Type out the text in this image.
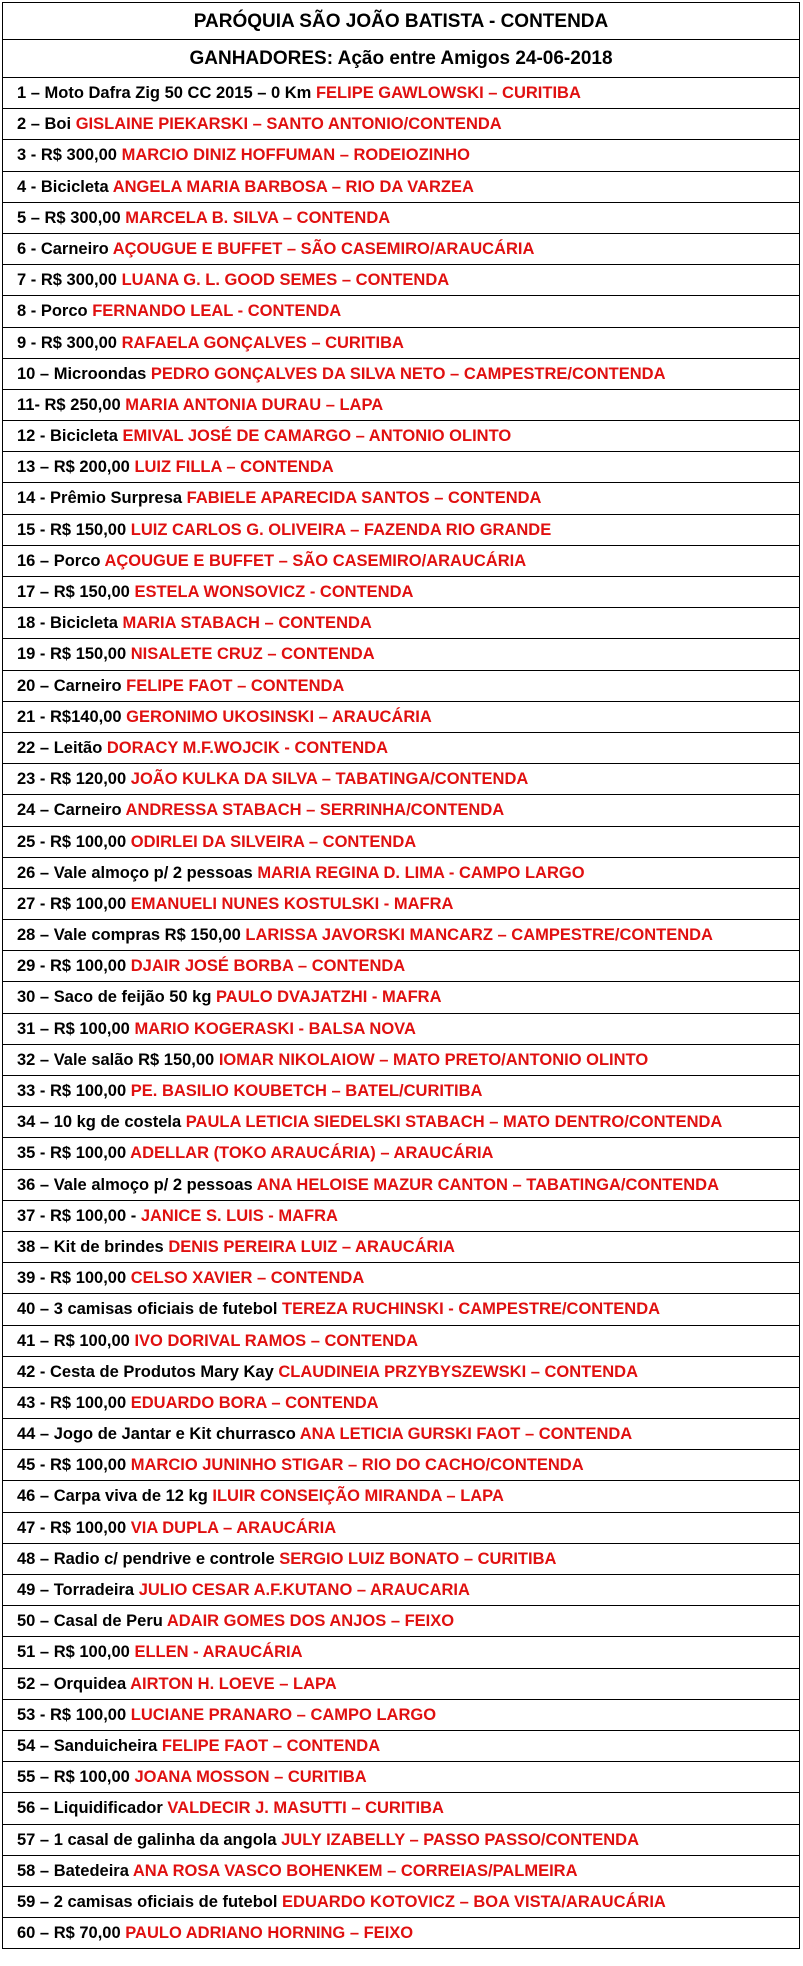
PARÓQUIA SÃO JOÃO BATISTA - CONTENDA
GANHADORES: Ação entre Amigos 24-06-2018
1 – Moto Dafra Zig 50 CC 2015 – 0 Km FELIPE GAWLOWSKI – CURITIBA
2 – Boi GISLAINE PIEKARSKI – SANTO ANTONIO/CONTENDA
3 - R$ 300,00 MARCIO DINIZ HOFFUMAN – RODEIOZINHO
4 - Bicicleta ANGELA MARIA BARBOSA – RIO DA VARZEA
5 – R$ 300,00 MARCELA B. SILVA – CONTENDA
6 - Carneiro AÇOUGUE E BUFFET – SÃO CASEMIRO/ARAUCÁRIA
7 - R$ 300,00 LUANA G. L. GOOD SEMES – CONTENDA
8 - Porco FERNANDO LEAL - CONTENDA
9 - R$ 300,00 RAFAELA GONÇALVES – CURITIBA
10 – Microondas PEDRO GONÇALVES DA SILVA NETO – CAMPESTRE/CONTENDA
11- R$ 250,00 MARIA ANTONIA DURAU – LAPA
12 - Bicicleta EMIVAL JOSÉ DE CAMARGO – ANTONIO OLINTO
13 – R$ 200,00 LUIZ FILLA – CONTENDA
14 - Prêmio Surpresa FABIELE APARECIDA SANTOS – CONTENDA
15 - R$ 150,00 LUIZ CARLOS G. OLIVEIRA – FAZENDA RIO GRANDE
16 – Porco AÇOUGUE E BUFFET – SÃO CASEMIRO/ARAUCÁRIA
17 – R$ 150,00 ESTELA WONSOVICZ - CONTENDA
18 - Bicicleta MARIA STABACH – CONTENDA
19 - R$ 150,00 NISALETE CRUZ – CONTENDA
20 – Carneiro FELIPE FAOT – CONTENDA
21 - R$140,00 GERONIMO UKOSINSKI – ARAUCÁRIA
22 – Leitão DORACY M.F.WOJCIK - CONTENDA
23 - R$ 120,00 JOÃO KULKA DA SILVA – TABATINGA/CONTENDA
24 – Carneiro ANDRESSA STABACH – SERRINHA/CONTENDA
25 - R$ 100,00 ODIRLEI DA SILVEIRA – CONTENDA
26 – Vale almoço p/ 2 pessoas MARIA REGINA D. LIMA - CAMPO LARGO
27 - R$ 100,00 EMANUELI NUNES KOSTULSKI - MAFRA
28 – Vale compras R$ 150,00 LARISSA JAVORSKI MANCARZ – CAMPESTRE/CONTENDA
29 - R$ 100,00 DJAIR JOSÉ BORBA – CONTENDA
30 – Saco de feijão 50 kg PAULO DVAJATZHI - MAFRA
31 – R$ 100,00 MARIO KOGERASKI - BALSA NOVA
32 – Vale salão R$ 150,00 IOMAR NIKOLAIOW – MATO PRETO/ANTONIO OLINTO
33 - R$ 100,00 PE. BASILIO KOUBETCH – BATEL/CURITIBA
34 – 10 kg de costela PAULA LETICIA SIEDELSKI STABACH – MATO DENTRO/CONTENDA
35 - R$ 100,00 ADELLAR (TOKO ARAUCÁRIA) – ARAUCÁRIA
36 – Vale almoço p/ 2 pessoas ANA HELOISE MAZUR CANTON – TABATINGA/CONTENDA
37 - R$ 100,00 - JANICE S. LUIS - MAFRA
38 – Kit de brindes DENIS PEREIRA LUIZ – ARAUCÁRIA
39 - R$ 100,00 CELSO XAVIER – CONTENDA
40 – 3 camisas oficiais de futebol TEREZA RUCHINSKI - CAMPESTRE/CONTENDA
41 – R$ 100,00 IVO DORIVAL RAMOS – CONTENDA
42 - Cesta de Produtos Mary Kay CLAUDINEIA PRZYBYSZEWSKI – CONTENDA
43 - R$ 100,00 EDUARDO BORA – CONTENDA
44 – Jogo de Jantar e Kit churrasco ANA LETICIA GURSKI FAOT – CONTENDA
45 - R$ 100,00 MARCIO JUNINHO STIGAR – RIO DO CACHO/CONTENDA
46 – Carpa viva de 12 kg ILUIR CONSEIÇÃO MIRANDA – LAPA
47 - R$ 100,00 VIA DUPLA – ARAUCÁRIA
48 – Radio c/ pendrive e controle SERGIO LUIZ BONATO – CURITIBA
49 – Torradeira JULIO CESAR A.F.KUTANO – ARAUCARIA
50 – Casal de Peru ADAIR GOMES DOS ANJOS – FEIXO
51 – R$ 100,00 ELLEN - ARAUCÁRIA
52 – Orquidea AIRTON H. LOEVE – LAPA
53 - R$ 100,00 LUCIANE PRANARO – CAMPO LARGO
54 – Sanduicheira FELIPE FAOT – CONTENDA
55 – R$ 100,00 JOANA MOSSON – CURITIBA
56 – Liquidificador VALDECIR J. MASUTTI – CURITIBA
57 – 1 casal de galinha da angola JULY IZABELLY – PASSO PASSO/CONTENDA
58 – Batedeira ANA ROSA VASCO BOHENKEM – CORREIAS/PALMEIRA
59 – 2 camisas oficiais de futebol EDUARDO KOTOVICZ – BOA VISTA/ARAUCÁRIA
60 – R$ 70,00 PAULO ADRIANO HORNING – FEIXO
